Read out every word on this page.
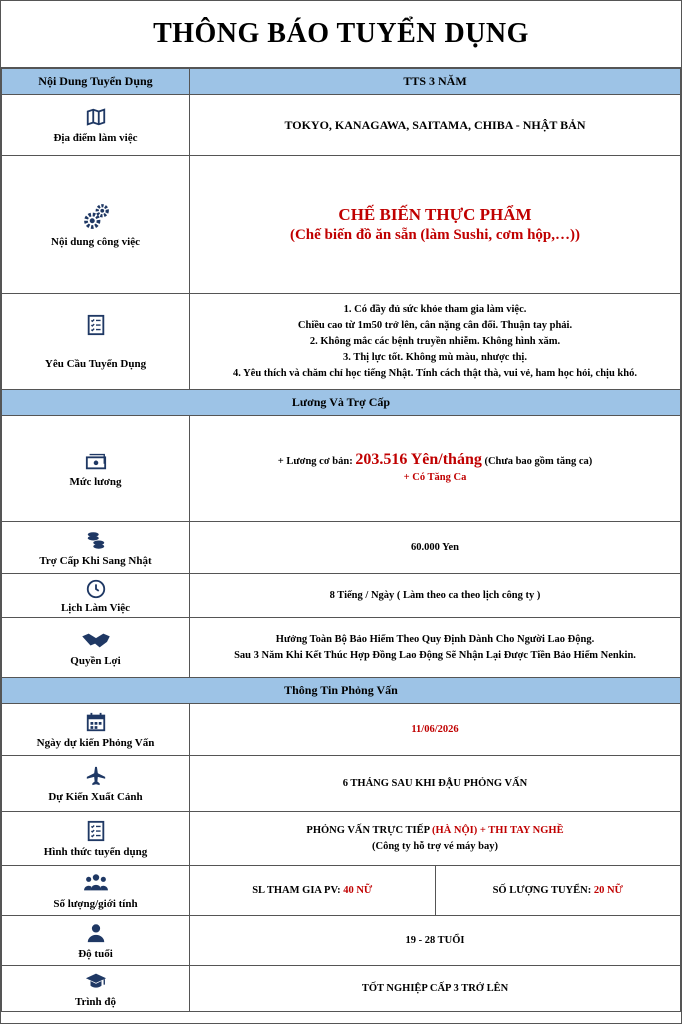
THÔNG BÁO TUYỂN DỤNG
Nội Dung Tuyển Dụng	TTS 3 NĂM	

Địa điểm làm việc	TOKYO, KANAGAWA, SAITAMA, CHIBA - NHẬT BẢN	

Nội dung công việc	CHẾ BIẾN THỰC PHẨM
(Chế biến đồ ăn sẵn (làm Sushi, cơm hộp,…))	

Yêu Cầu Tuyển Dụng	1. Có đầy đủ sức khỏe tham gia làm việc.
Chiều cao từ 1m50 trở lên, cân nặng cân đối. Thuận tay phải.
2. Không mắc các bệnh truyền nhiễm. Không hình xăm.
3. Thị lực tốt. Không mù màu, nhược thị.
4. Yêu thích và chăm chỉ học tiếng Nhật. Tính cách thật thà, vui vẻ, ham học hỏi, chịu khó.	

Lương Và Trợ Cấp		

Mức lương	+ Lương cơ bản: 203.516 Yên/tháng (Chưa bao gồm tăng ca)
+ Có Tăng Ca	

Trợ Cấp Khi Sang Nhật	60.000 Yen	

Lịch Làm Việc	8 Tiếng / Ngày ( Làm theo ca theo lịch công ty )	

Quyền Lợi	Hưởng Toàn Bộ Bảo Hiểm Theo Quy Định Dành Cho Người Lao Động.
Sau 3 Năm Khi Kết Thúc Hợp Đồng Lao Động Sẽ Nhận Lại Được Tiền Bảo Hiểm Nenkin.	

Thông Tin Phỏng Vấn		

Ngày dự kiến Phỏng Vấn	11/06/2026	

Dự Kiến Xuất Cảnh	6 THÁNG SAU KHI ĐẬU PHỎNG VẤN	

Hình thức tuyển dụng	PHỎNG VẤN TRỰC TIẾP (HÀ NỘI) + THI TAY NGHỀ
(Công ty hỗ trợ vé máy bay)	

Số lượng/giới tính	SL THAM GIA PV: 40 NỮ	SỐ LƯỢNG TUYỂN: 20 NỮ

Độ tuổi	19 - 28 TUỔI	

Trình độ	TỐT NGHIỆP CẤP 3 TRỞ LÊN	
